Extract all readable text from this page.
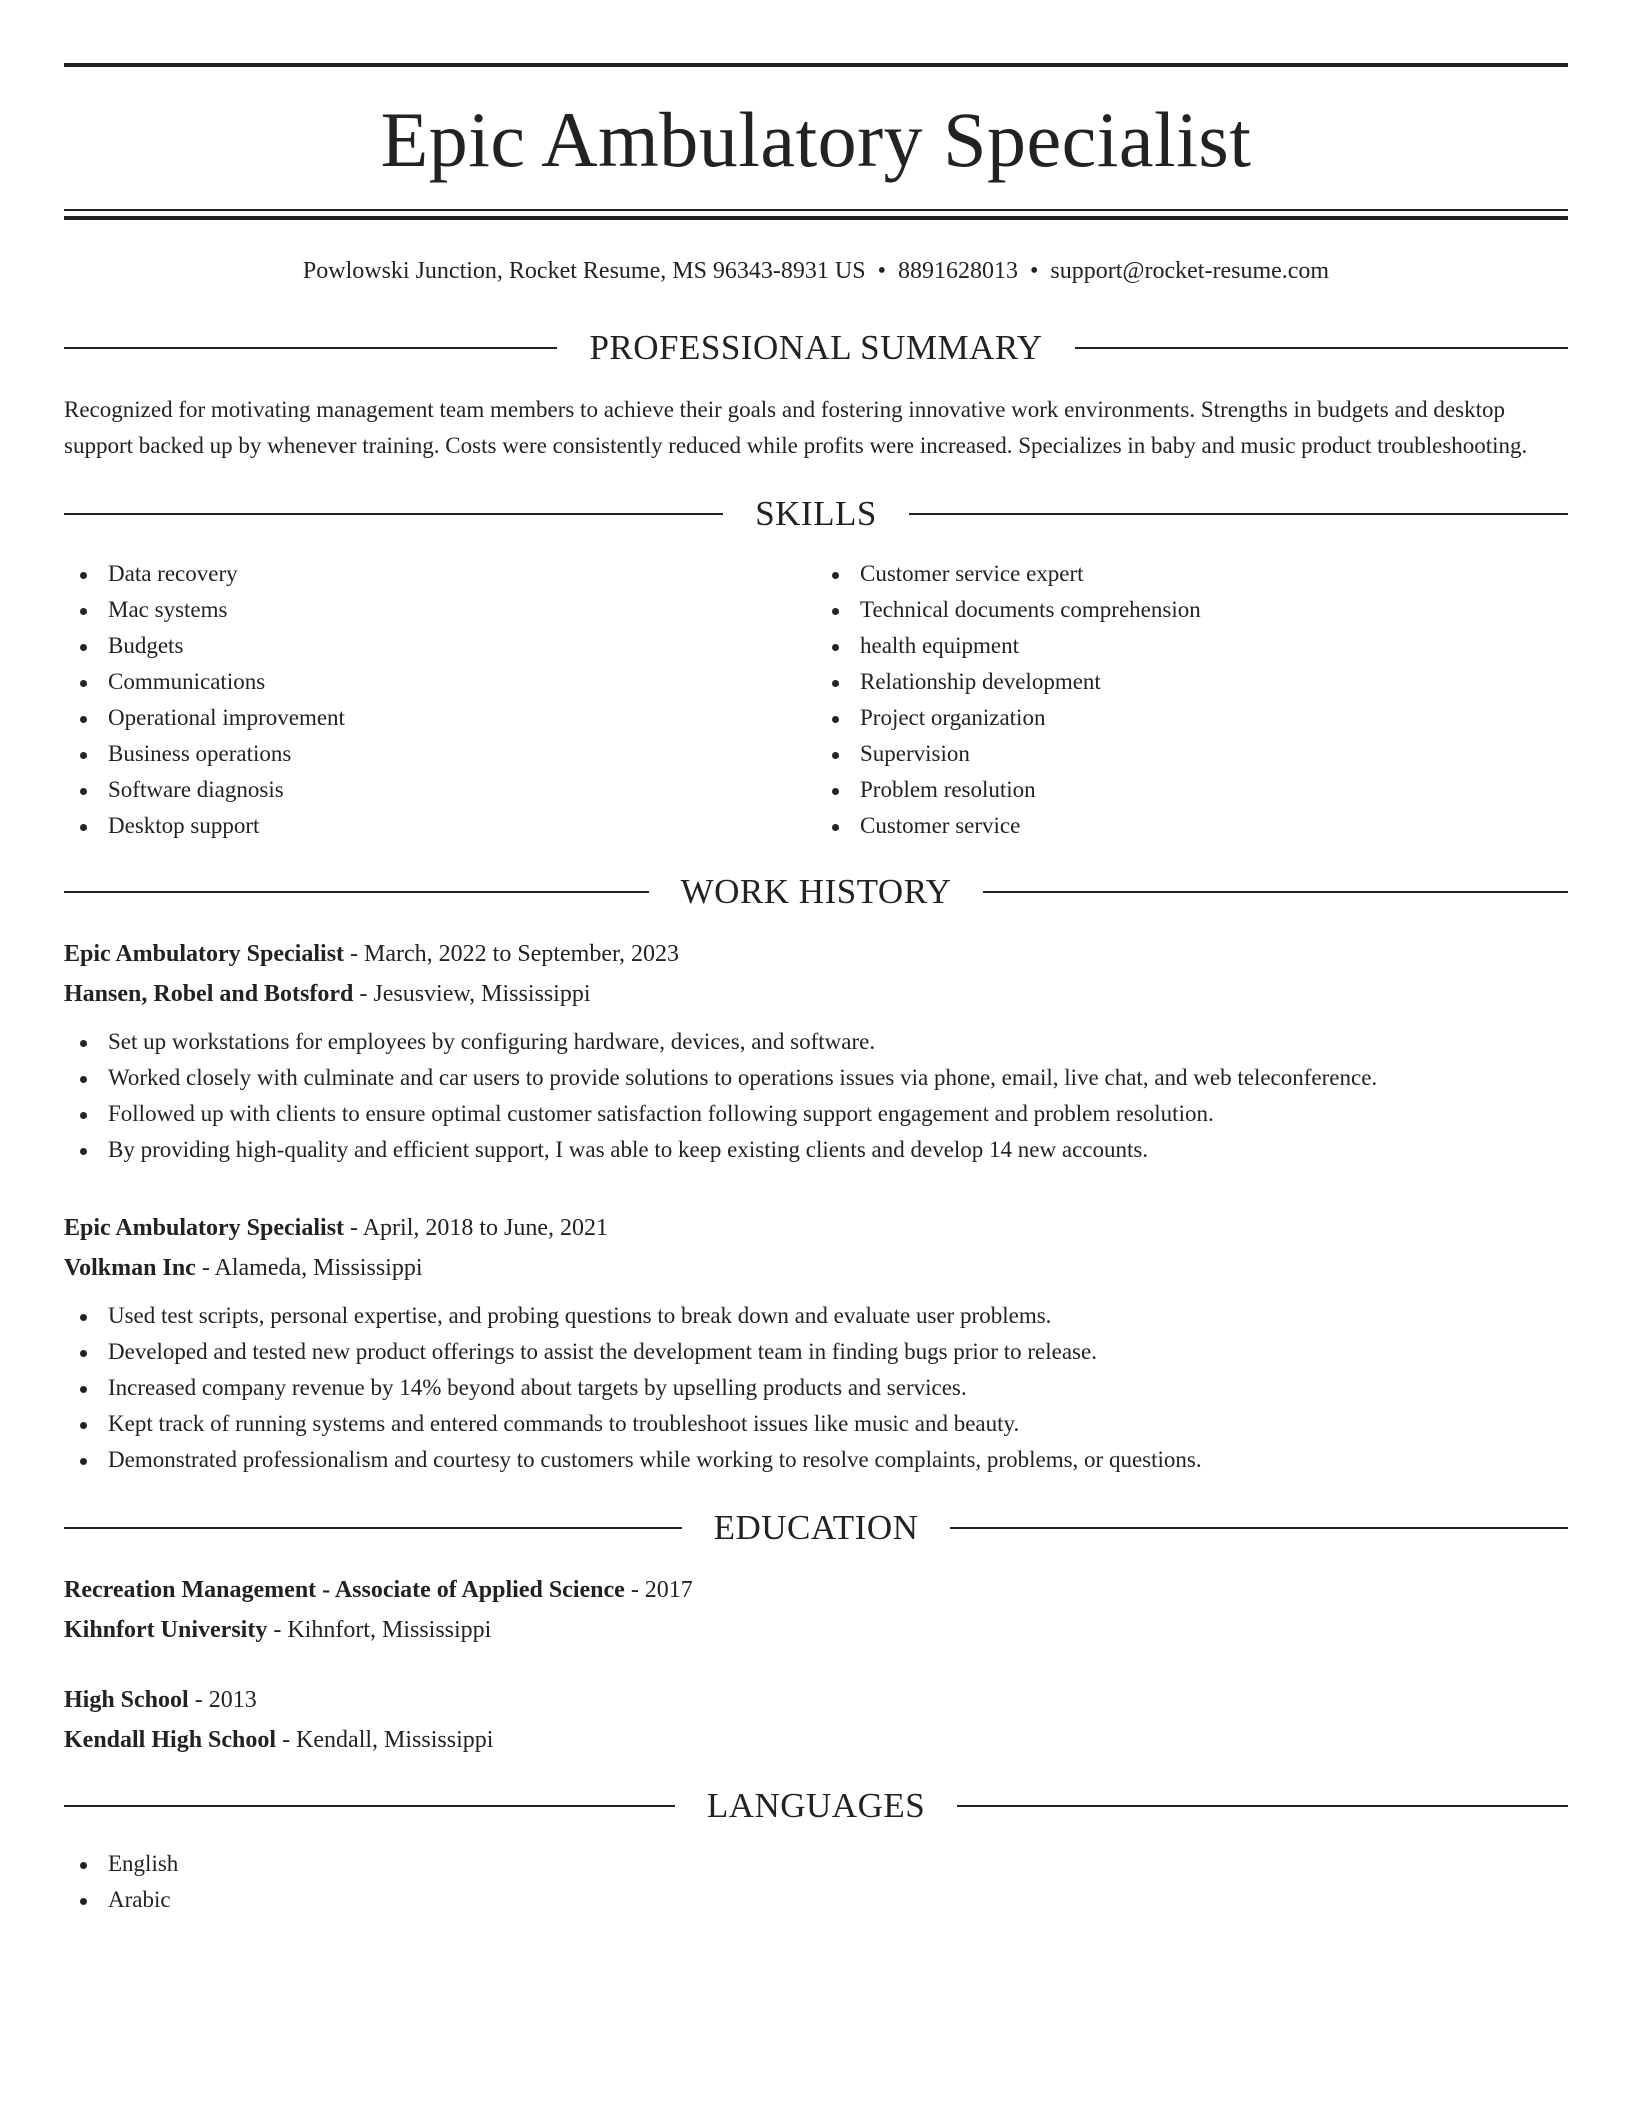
Epic Ambulatory Specialist
Powlowski Junction, Rocket Resume, MS 96343-8931 US • 8891628013 • support@rocket-resume.com
PROFESSIONAL SUMMARY
Recognized for motivating management team members to achieve their goals and fostering innovative work environments. Strengths in budgets and desktop support backed up by whenever training. Costs were consistently reduced while profits were increased. Specializes in baby and music product troubleshooting.
SKILLS
Data recovery
Mac systems
Budgets
Communications
Operational improvement
Business operations
Software diagnosis
Desktop support
Customer service expert
Technical documents comprehension
health equipment
Relationship development
Project organization
Supervision
Problem resolution
Customer service
WORK HISTORY
Epic Ambulatory Specialist - March, 2022 to September, 2023
Hansen, Robel and Botsford - Jesusview, Mississippi
Set up workstations for employees by configuring hardware, devices, and software.
Worked closely with culminate and car users to provide solutions to operations issues via phone, email, live chat, and web teleconference.
Followed up with clients to ensure optimal customer satisfaction following support engagement and problem resolution.
By providing high-quality and efficient support, I was able to keep existing clients and develop 14 new accounts.
Epic Ambulatory Specialist - April, 2018 to June, 2021
Volkman Inc - Alameda, Mississippi
Used test scripts, personal expertise, and probing questions to break down and evaluate user problems.
Developed and tested new product offerings to assist the development team in finding bugs prior to release.
Increased company revenue by 14% beyond about targets by upselling products and services.
Kept track of running systems and entered commands to troubleshoot issues like music and beauty.
Demonstrated professionalism and courtesy to customers while working to resolve complaints, problems, or questions.
EDUCATION
Recreation Management - Associate of Applied Science - 2017
Kihnfort University - Kihnfort, Mississippi
High School - 2013
Kendall High School - Kendall, Mississippi
LANGUAGES
English
Arabic
